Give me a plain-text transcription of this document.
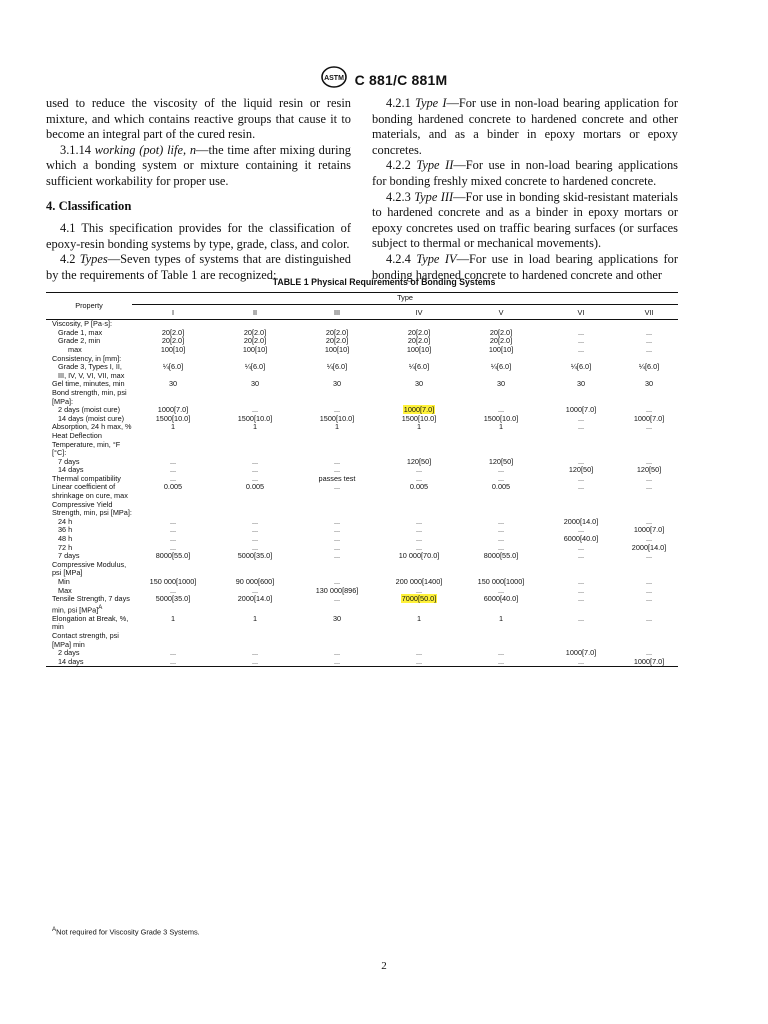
ASTM C 881/C 881M

used to reduce the viscosity of the liquid resin or resin mixture, and which contains reactive groups that cause it to become an integral part of the cured resin.

3.1.14 working (pot) life, n—the time after mixing during which a bonding system or mixture containing it retains sufficient workability for proper use.

4. Classification

4.1 This specification provides for the classification of epoxy-resin bonding systems by type, grade, class, and color.

4.2 Types—Seven types of systems that are distinguished by the requirements of Table 1 are recognized:

4.2.1 Type I—For use in non-load bearing application for bonding hardened concrete to hardened concrete and other materials, and as a binder in epoxy mortars or epoxy concretes.

4.2.2 Type II—For use in non-load bearing applications for bonding freshly mixed concrete to hardened concrete.

4.2.3 Type III—For use in bonding skid-resistant materials to hardened concrete and as a binder in epoxy mortars or epoxy concretes used on traffic bearing surfaces (or surfaces subject to thermal or mechanical movements).

4.2.4 Type IV—For use in load bearing applications for bonding hardened concrete to hardened concrete and other

TABLE 1 Physical Requirements of Bonding Systems
Property	Type						
	I	II	III	IV	V	VI	VII
Viscosity, P [Pa·s]:							
Grade 1, max	20[2.0]	20[2.0]	20[2.0]	20[2.0]	20[2.0]	...	...
Grade 2, min	20[2.0]	20[2.0]	20[2.0]	20[2.0]	20[2.0]	...	...
max	100[10]	100[10]	100[10]	100[10]	100[10]	...	...
Consistency, in [mm]:							
Grade 3, Types I, II, III, IV, V, VI, VII, max	¼[6.0]	¼[6.0]	¼[6.0]	¼[6.0]	¼[6.0]	¼[6.0]	¼[6.0]
Gel time, minutes, min	30	30	30	30	30	30	30
Bond strength, min, psi [MPa]:							
2 days (moist cure)	1000[7.0]	...	...	1000[7.0]	...	1000[7.0]	...
14 days (moist cure)	1500[10.0]	1500[10.0]	1500[10.0]	1500[10.0]	1500[10.0]	...	1000[7.0]
Absorption, 24 h max, %	1	1	1	1	1	...	...
Heat Deflection Temperature, min, °F [°C]:							
7 days	...	...	...	120[50]	120[50]	...	...
14 days	...	...	...	...	...	120[50]	120[50]
Thermal compatibility	...	...	passes test	...	...	...	...
Linear coefficient of shrinkage on cure, max	0.005	0.005	...	0.005	0.005	...	...
Compressive Yield Strength, min, psi [MPa]:							
24 h	...	...	...	...	...	2000[14.0]	...
36 h	...	...	...	...	...	...	1000[7.0]
48 h	...	...	...	...	...	6000[40.0]	...
72 h	...	...	...	...	...	...	2000[14.0]
7 days	8000[55.0]	5000[35.0]	...	10 000[70.0]	8000[55.0]	...	...
Compressive Modulus, psi [MPa]							
Min	150 000[1000]	90 000[600]	...	200 000[1400]	150 000[1000]	...	...
Max	...	...	130 000[896]	...	...	...	...
Tensile Strength, 7 days min, psi [MPa]$^A$	5000[35.0]	2000[14.0]	...	7000[50.0]	6000[40.0]	...	...
Elongation at Break, %, min	1	1	30	1	1	...	...
Contact strength, psi [MPa] min							
2 days	...	...	...	...	...	1000[7.0]	...
14 days	...	...	...	...	...	...	1000[7.0]
$^A$Not required for Viscosity Grade 3 Systems.
2
